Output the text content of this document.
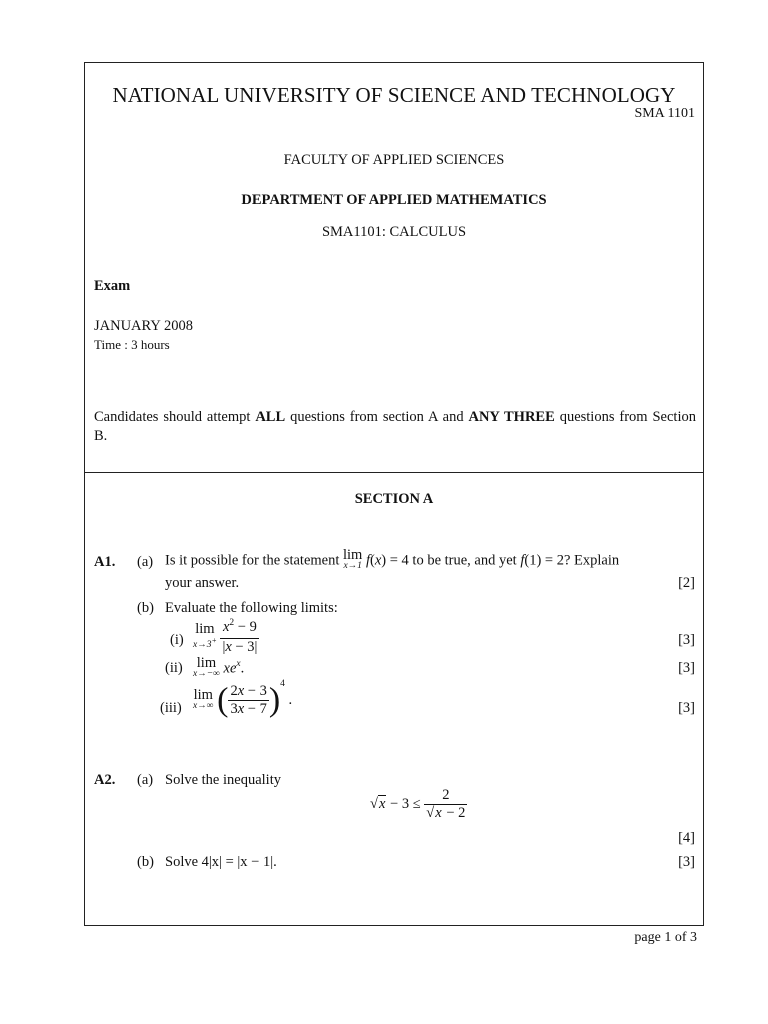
NATIONAL UNIVERSITY OF SCIENCE AND TECHNOLOGY
SMA 1101
FACULTY OF APPLIED SCIENCES
DEPARTMENT OF APPLIED MATHEMATICS
SMA1101: CALCULUS
Exam
JANUARY 2008
Time : 3 hours

Candidates should attempt ALL questions from section A and ANY THREE questions from Section B.

SECTION A
A1. (a) Is it possible for the statement lim
x→1 f(x) = 4 to be true, and yet f(1) = 2? Explain
your answer.	[2]
(b) Evaluate the following limits:
(i)
lim
x→3+
$\frac{x^2 - 9}{|x - 3|}$	[3]
(ii) lim
x→−∞ $xe^x$.	[3]
(iii)
lim
x→∞ ( $\frac{2x - 3}{3x - 7} )^4$ .
[3]
A2. (a) Solve the inequality
$√x - 3 \le \frac{2}{√x - 2}$
[4]
(b) Solve 4|x| = |x − 1|.	[3]
page 1 of 3
